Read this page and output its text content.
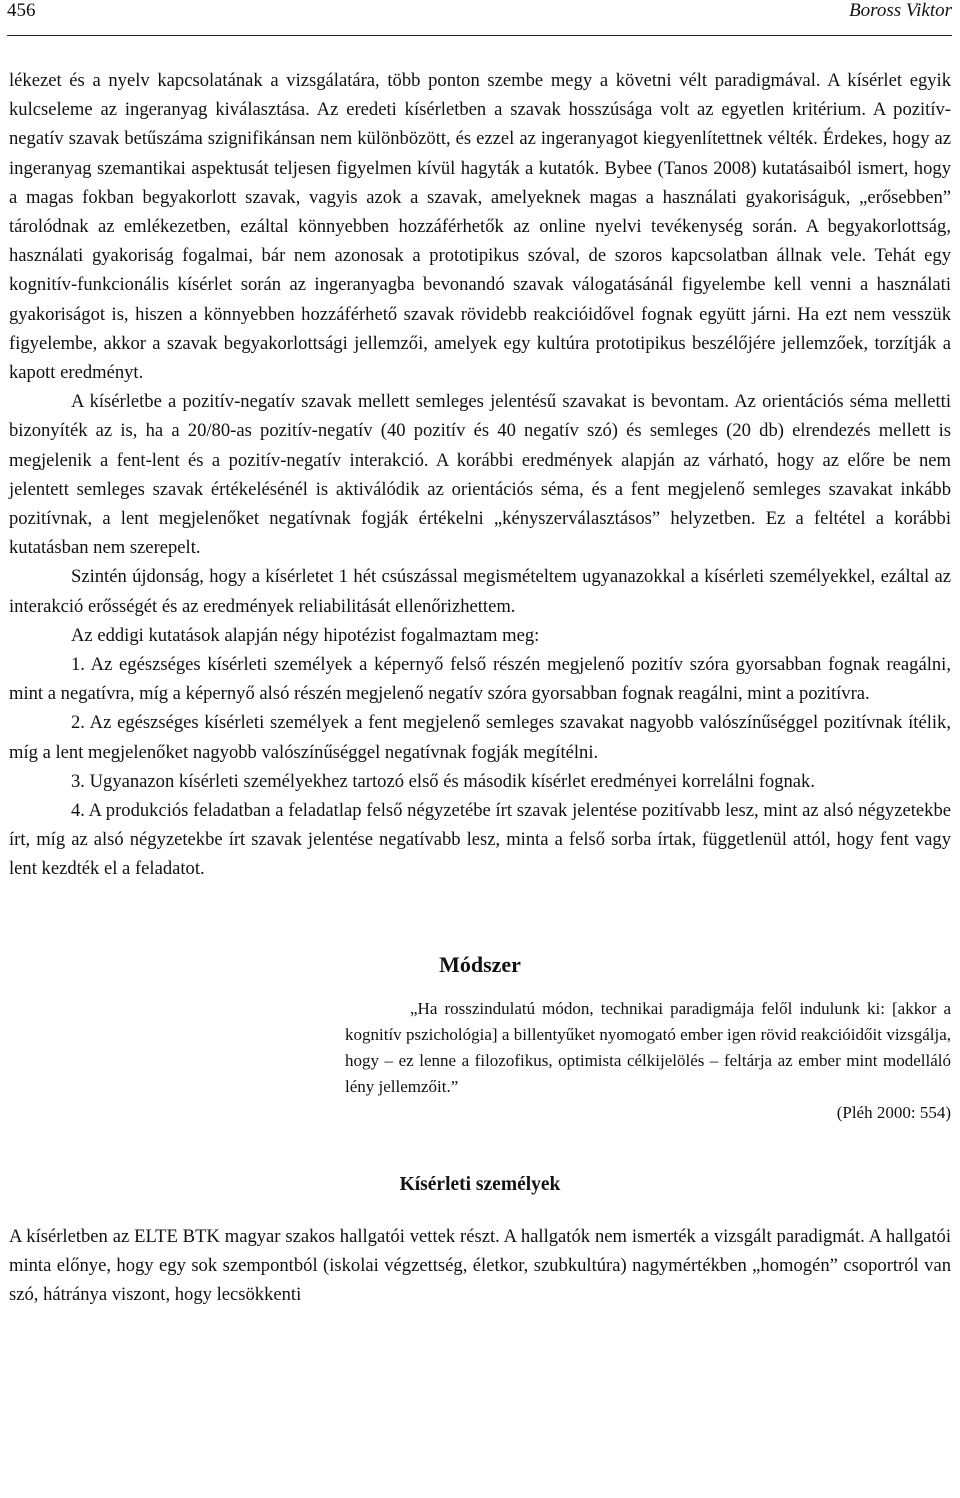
456	Boross Viktor

lékezet és a nyelv kapcsolatának a vizsgálatára, több ponton szembe megy a követni vélt paradigmával. A kísérlet egyik kulcseleme az ingeranyag kiválasztása. Az eredeti kísérletben a szavak hosszúsága volt az egyetlen kritérium. A pozitív-negatív szavak betűszáma szignifikánsan nem különbözött, és ezzel az ingeranyagot kiegyenlítettnek vélték. Érdekes, hogy az ingeranyag szemantikai aspektusát teljesen figyelmen kívül hagyták a kutatók. Bybee (Tanos 2008) kutatásaiból ismert, hogy a magas fokban begyakorlott szavak, vagyis azok a szavak, amelyeknek magas a használati gyakoriságuk, „erősebben” tárolódnak az emlékezetben, ezáltal könnyebben hozzáférhetők az online nyelvi tevékenység során. A begyakorlottság, használati gyakoriság fogalmai, bár nem azonosak a prototipikus szóval, de szoros kapcsolatban állnak vele. Tehát egy kognitív-funkcionális kísérlet során az ingeranyagba bevonandó szavak válogatásánál figyelembe kell venni a használati gyakoriságot is, hiszen a könnyebben hozzáférhető szavak rövidebb reakcióidővel fognak együtt járni. Ha ezt nem vesszük figyelembe, akkor a szavak begyakorlottsági jellemzői, amelyek egy kultúra prototipikus beszélőjére jellemzőek, torzítják a kapott eredményt.

A kísérletbe a pozitív-negatív szavak mellett semleges jelentésű szavakat is bevontam. Az orientációs séma melletti bizonyíték az is, ha a 20/80-as pozitív-negatív (40 pozitív és 40 negatív szó) és semleges (20 db) elrendezés mellett is megjelenik a fent-lent és a pozitív-negatív interakció. A korábbi eredmények alapján az várható, hogy az előre be nem jelentett semleges szavak értékelésénél is aktiválódik az orientációs séma, és a fent megjelenő semleges szavakat inkább pozitívnak, a lent megjelenőket negatívnak fogják értékelni „kényszerválasztásos” helyzetben. Ez a feltétel a korábbi kutatásban nem szerepelt.

Szintén újdonság, hogy a kísérletet 1 hét csúszással megismételtem ugyanazokkal a kísérleti személyekkel, ezáltal az interakció erősségét és az eredmények reliabilitását ellenőrizhettem.

Az eddigi kutatások alapján négy hipotézist fogalmaztam meg:

1. Az egészséges kísérleti személyek a képernyő felső részén megjelenő pozitív szóra gyorsabban fognak reagálni, mint a negatívra, míg a képernyő alsó részén megjelenő negatív szóra gyorsabban fognak reagálni, mint a pozitívra.

2. Az egészséges kísérleti személyek a fent megjelenő semleges szavakat nagyobb valószínűséggel pozitívnak ítélik, míg a lent megjelenőket nagyobb valószínűséggel negatívnak fogják megítélni.

3. Ugyanazon kísérleti személyekhez tartozó első és második kísérlet eredményei korrelálni fognak.

4. A produkciós feladatban a feladatlap felső négyzetébe írt szavak jelentése pozitívabb lesz, mint az alsó négyzetekbe írt, míg az alsó négyzetekbe írt szavak jelentése negatívabb lesz, minta a felső sorba írtak, függetlenül attól, hogy fent vagy lent kezdték el a feladatot.

Módszer

„Ha rosszindulatú módon, technikai paradigmája felől indulunk ki: [akkor a kognitív pszichológia] a billentyűket nyomogató ember igen rövid reakcióidőit vizsgálja, hogy – ez lenne a filozofikus, optimista célkijelölés – feltárja az ember mint modelláló lény jellemzőit.”

(Pléh 2000: 554)

Kísérleti személyek

A kísérletben az ELTE BTK magyar szakos hallgatói vettek részt. A hallgatók nem ismerték a vizsgált paradigmát. A hallgatói minta előnye, hogy egy sok szempontból (iskolai végzettség, életkor, szubkultúra) nagymértékben „homogén” csoportról van szó, hátránya viszont, hogy lecsökkenti
